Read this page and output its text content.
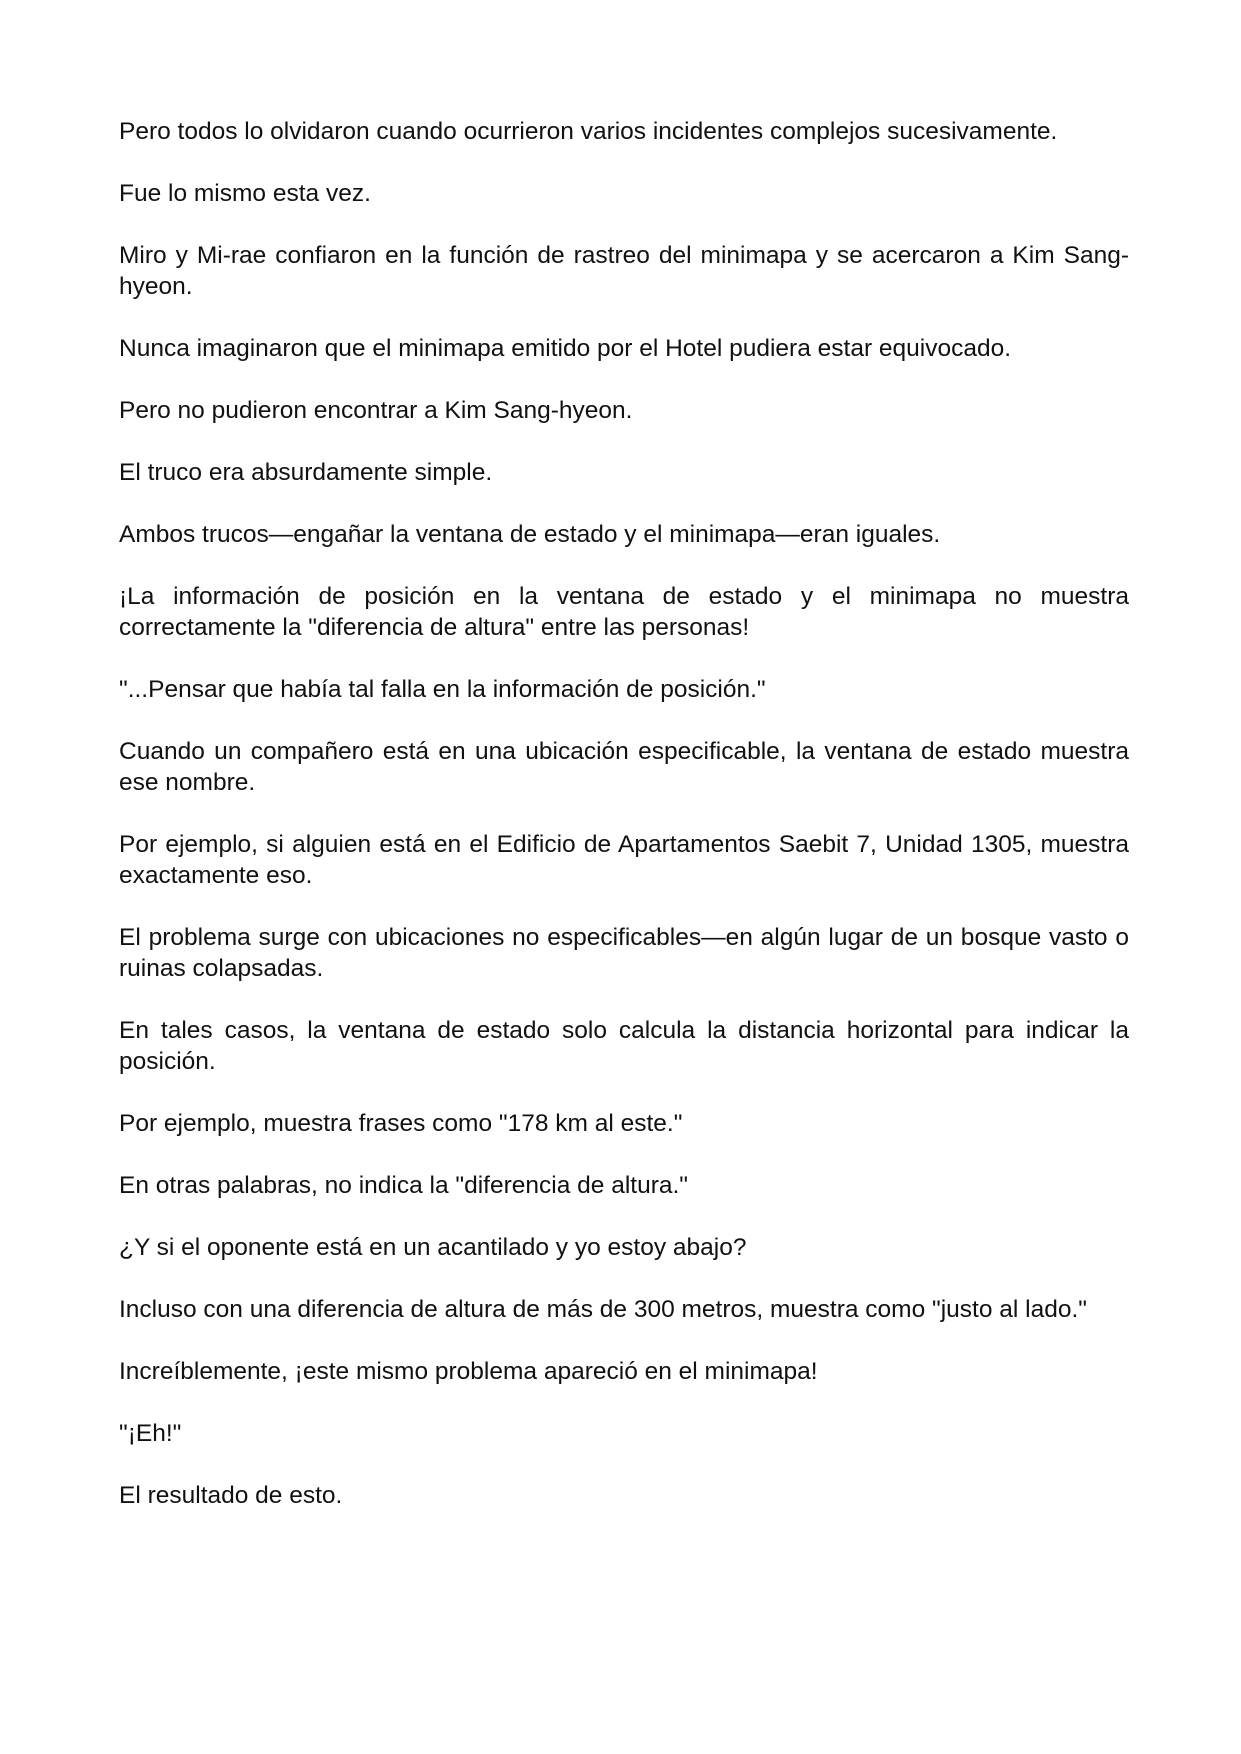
Pero todos lo olvidaron cuando ocurrieron varios incidentes complejos sucesivamente.

Fue lo mismo esta vez.

Miro y Mi-rae confiaron en la función de rastreo del minimapa y se acercaron a Kim Sang-hyeon.

Nunca imaginaron que el minimapa emitido por el Hotel pudiera estar equivocado.

Pero no pudieron encontrar a Kim Sang-hyeon.

El truco era absurdamente simple.

Ambos trucos—engañar la ventana de estado y el minimapa—eran iguales.

¡La información de posición en la ventana de estado y el minimapa no muestra correctamente la "diferencia de altura" entre las personas!

"...Pensar que había tal falla en la información de posición."

Cuando un compañero está en una ubicación especificable, la ventana de estado muestra ese nombre.

Por ejemplo, si alguien está en el Edificio de Apartamentos Saebit 7, Unidad 1305, muestra exactamente eso.

El problema surge con ubicaciones no especificables—en algún lugar de un bosque vasto o ruinas colapsadas.

En tales casos, la ventana de estado solo calcula la distancia horizontal para indicar la posición.

Por ejemplo, muestra frases como "178 km al este."

En otras palabras, no indica la "diferencia de altura."

¿Y si el oponente está en un acantilado y yo estoy abajo?

Incluso con una diferencia de altura de más de 300 metros, muestra como "justo al lado."

Increíblemente, ¡este mismo problema apareció en el minimapa!

"¡Eh!"

El resultado de esto.
